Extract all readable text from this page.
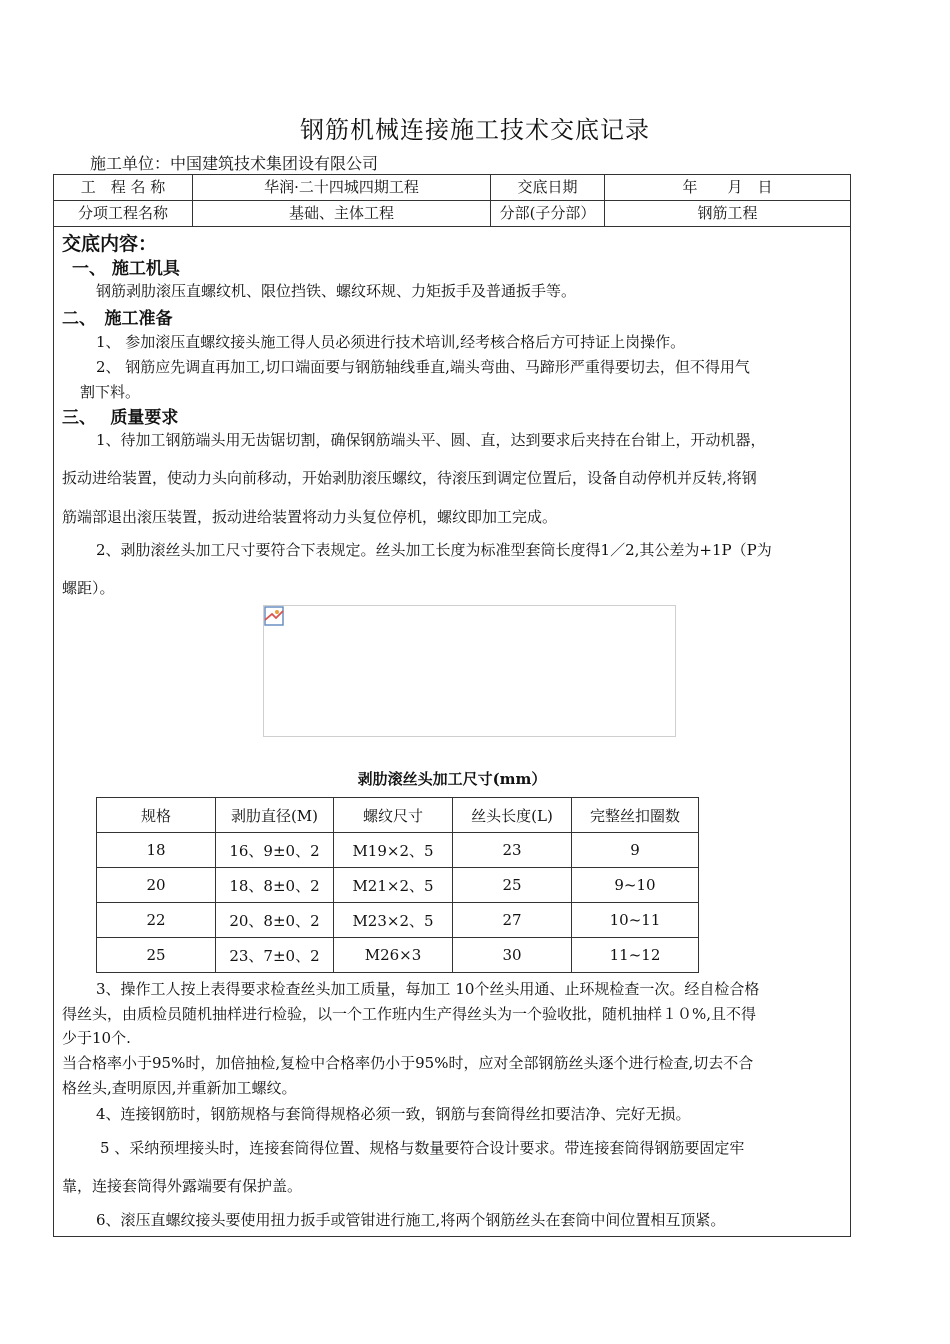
钢筋机械连接施工技术交底记录
施工单位：中国建筑技术集团设有限公司
工　程 名 称	华润·二十四城四期工程	交底日期	年　　月　日
分项工程名称	基础、主体工程	分部(子分部）	钢筋工程
交底内容：
一、 施工机具
钢筋剥肋滚压直螺纹机、限位挡铁、螺纹环规、力矩扳手及普通扳手等。
二、　施工准备
1、 参加滚压直螺纹接头施工得人员必须进行技术培训,经考核合格后方可持证上岗操作。
2、 钢筋应先调直再加工,切口端面要与钢筋轴线垂直,端头弯曲、马蹄形严重得要切去，但不得用气
割下料。
三、　 质量要求
1、待加工钢筋端头用无齿锯切割，确保钢筋端头平、圆、直，达到要求后夹持在台钳上，开动机器，
扳动进给装置，使动力头向前移动，开始剥肋滚压螺纹，待滚压到调定位置后，设备自动停机并反转,将钢
筋端部退出滚压装置，扳动进给装置将动力头复位停机，螺纹即加工完成。
2、剥肋滚丝头加工尺寸要符合下表规定。丝头加工长度为标准型套筒长度得1／2,其公差为+1P（P为
螺距）。
剥肋滚丝头加工尺寸(mm）
规格	剥肋直径(M)	螺纹尺寸	丝头长度(L)	完整丝扣圈数
18	16、9±0、2	M19×2、5	23	9
20	18、8±0、2	M21×2、5	25	9~10
22	20、8±0、2	M23×2、5	27	10~11
25	23、7±0、2	M26×3	30	11~12
3、操作工人按上表得要求检查丝头加工质量，每加工 10个丝头用通、止环规检查一次。经自检合格
得丝头，由质检员随机抽样进行检验，以一个工作班内生产得丝头为一个验收批，随机抽样１０%,且不得
少于10个.
当合格率小于95%时，加倍抽检,复检中合格率仍小于95%时，应对全部钢筋丝头逐个进行检查,切去不合
格丝头,查明原因,并重新加工螺纹。
4、连接钢筋时，钢筋规格与套筒得规格必须一致，钢筋与套筒得丝扣要洁净、完好无损。
5 、采纳预埋接头时，连接套筒得位置、规格与数量要符合设计要求。带连接套筒得钢筋要固定牢
靠，连接套筒得外露端要有保护盖。
6、滚压直螺纹接头要使用扭力扳手或管钳进行施工,将两个钢筋丝头在套筒中间位置相互顶紧。
